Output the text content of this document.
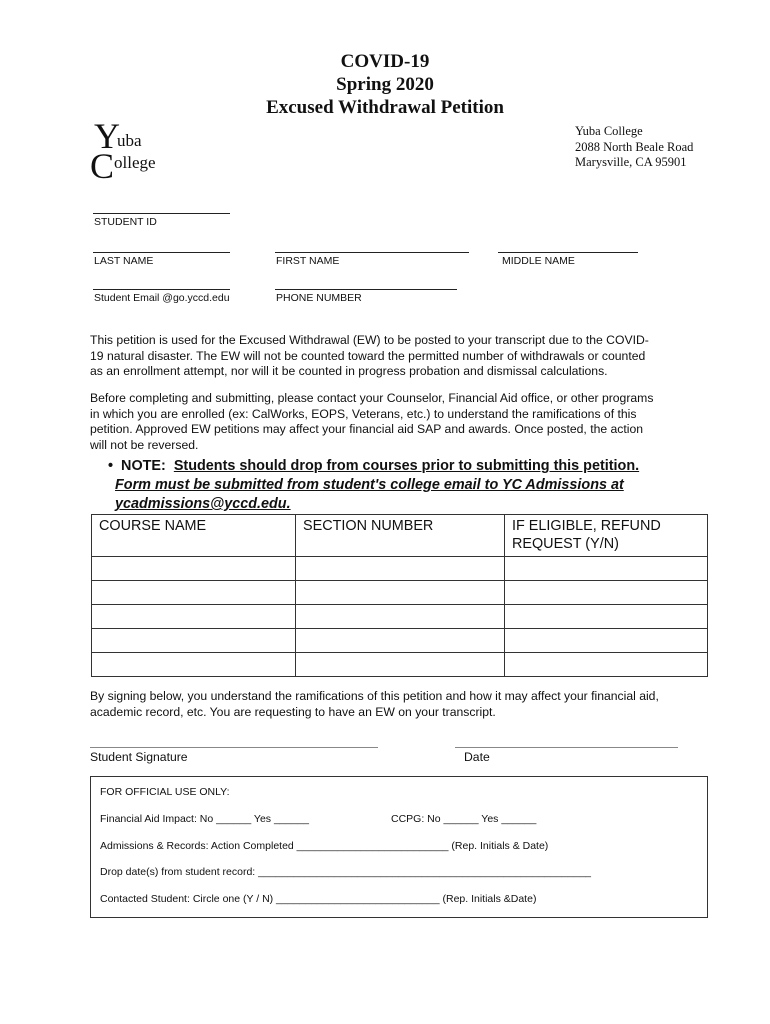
COVID-19
Spring 2020
Excused Withdrawal Petition
Y
uba
C ollege
Yuba College
2088 North Beale Road
Marysville, CA 95901
STUDENT ID
LAST NAME	FIRST NAME	MIDDLE NAME
Student Email @go.yccd.edu	PHONE NUMBER
This petition is used for the Excused Withdrawal (EW) to be posted to your transcript due to the COVID-
19 natural disaster. The EW will not be counted toward the permitted number of withdrawals or counted
as an enrollment attempt, nor will it be counted in progress probation and dismissal calculations.
Before completing and submitting, please contact your Counselor, Financial Aid office, or other programs
in which you are enrolled (ex: CalWorks, EOPS, Veterans, etc.) to understand the ramifications of this
petition. Approved EW petitions may affect your financial aid SAP and awards. Once posted, the action
will not be reversed.
• NOTE: Students should drop from courses prior to submitting this petition.
Form must be submitted from student's college email to YC Admissions at
ycadmissions@yccd.edu.
COURSE NAME	SECTION NUMBER	IF ELIGIBLE, REFUND REQUEST (Y/N)

By signing below, you understand the ramifications of this petition and how it may affect your financial aid,
academic record, etc. You are requesting to have an EW on your transcript.
Student Signature	Date
FOR OFFICIAL USE ONLY:
Financial Aid Impact: No ______ Yes ______	CCPG: No ______ Yes ______
Admissions & Records: Action Completed __________________________ (Rep. Initials & Date)
Drop date(s) from student record: _________________________________________________________
Contacted Student: Circle one (Y / N) ____________________________ (Rep. Initials &Date)
